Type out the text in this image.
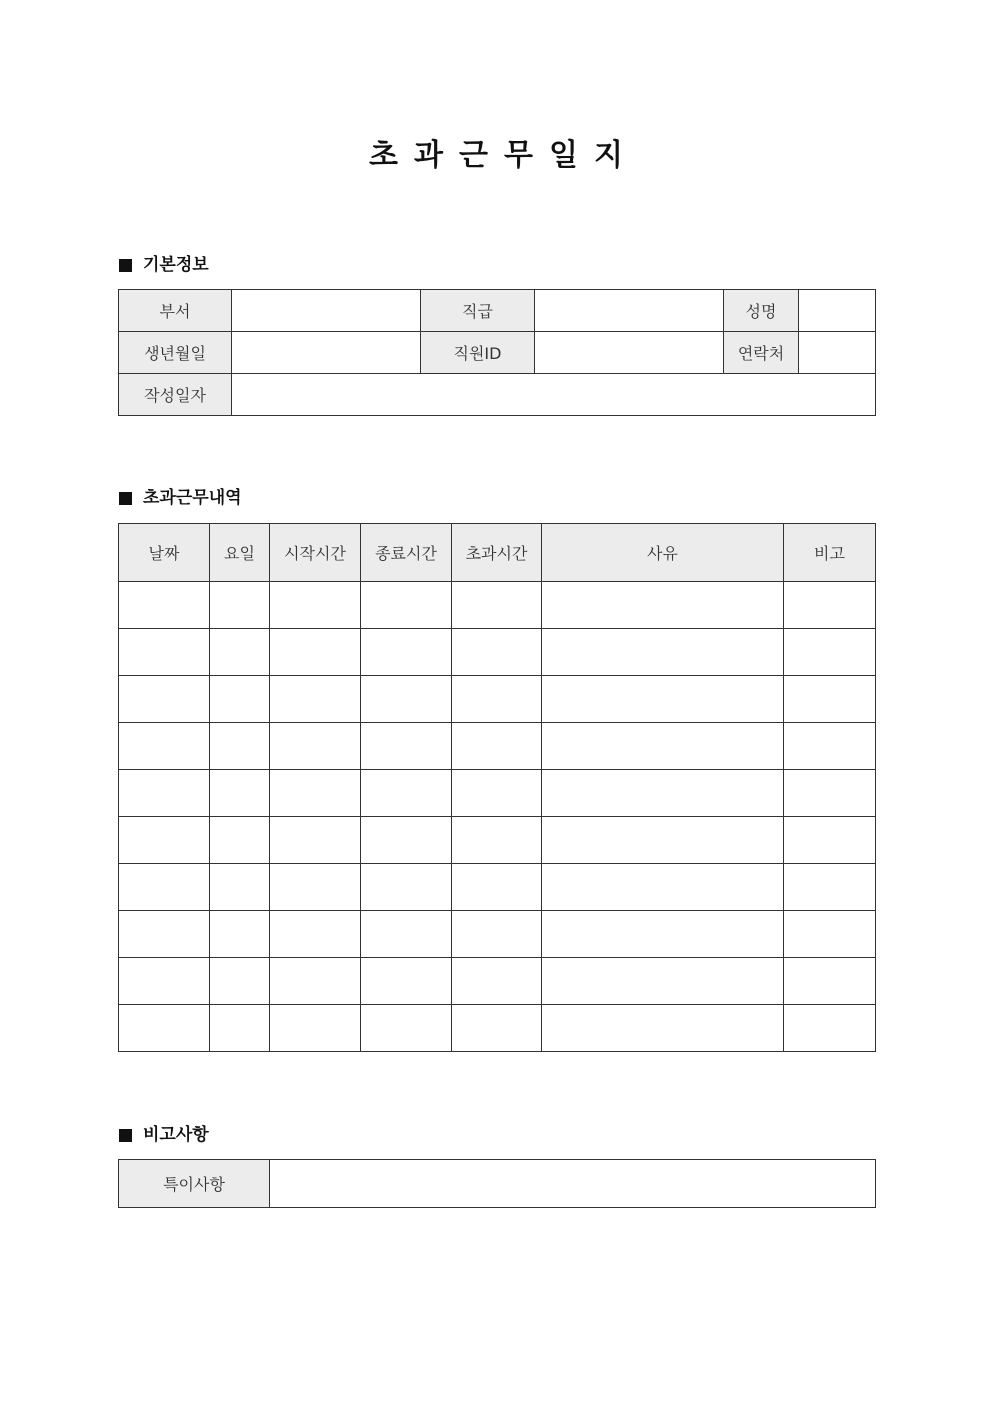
초 과 근 무 일 지
기본정보
부서		직급		성명	
생년월일		직원ID		연락처	
작성일자					
초과근무내역
날짜	요일	시작시간	종료시간	초과시간	사유	비고

비고사항
특이사항	
